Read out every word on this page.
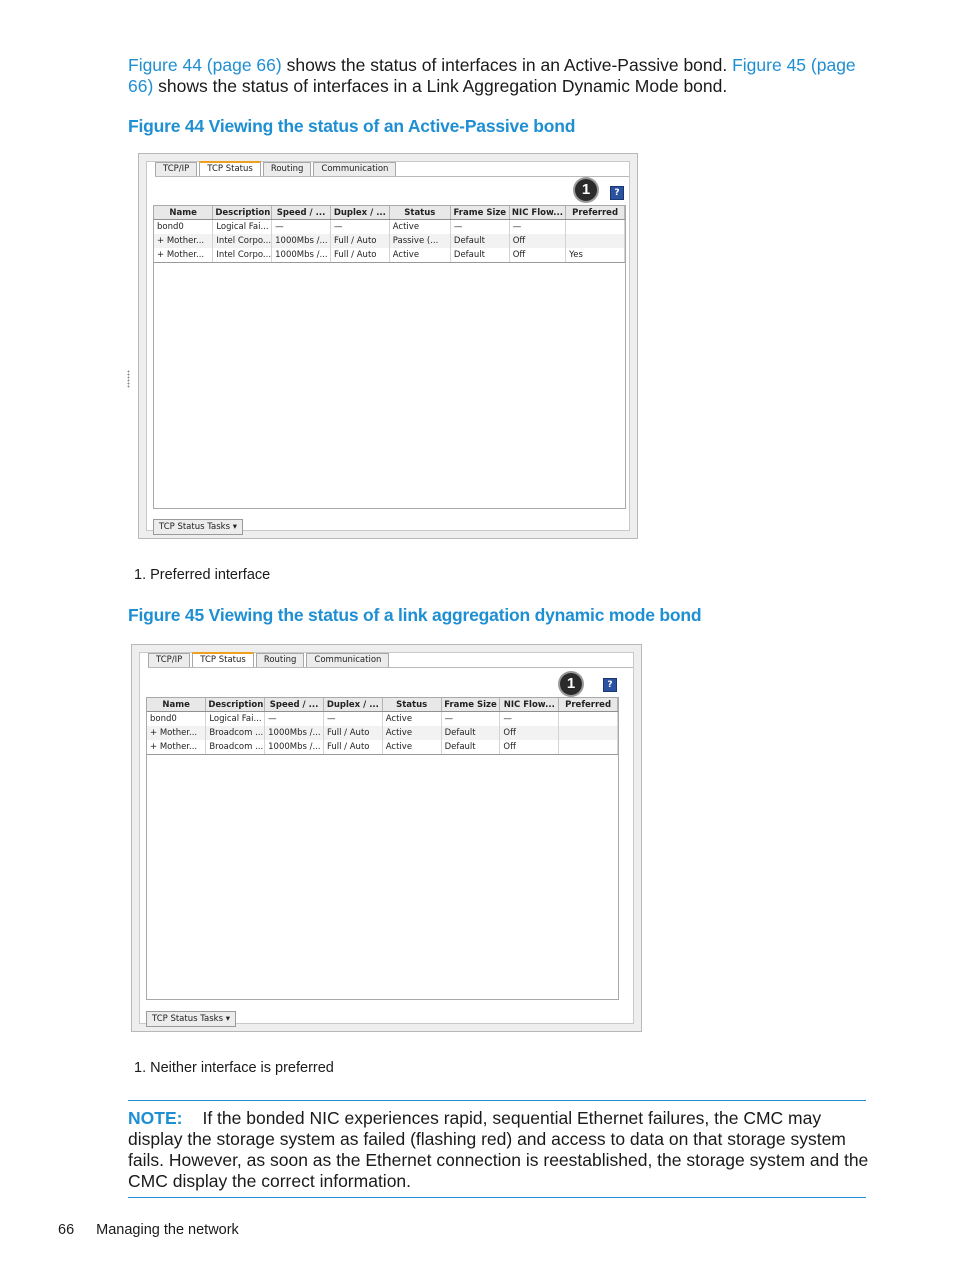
Figure 44 (page 66) shows the status of interfaces in an Active-Passive bond. Figure 45 (page 66) shows the status of interfaces in a Link Aggregation Dynamic Mode bond.

Figure 44 Viewing the status of an Active-Passive bond

TCP/IP	TCP Status	Routing	Communication
1	?
Name	Description	Speed / ...	Duplex / ...	Status	Frame Size	NIC Flow...	Preferred
bond0	Logical Fai...	—	—	Active	—	—	
+ Mother...	Intel Corpo...	1000Mbs /...	Full / Auto	Passive (...	Default	Off	
+ Mother...	Intel Corpo...	1000Mbs /...	Full / Auto	Active	Default	Off	Yes
TCP Status Tasks ▾

1. Preferred interface

Figure 45 Viewing the status of a link aggregation dynamic mode bond

TCP/IP	TCP Status	Routing	Communication
1	?
Name	Description	Speed / ...	Duplex / ...	Status	Frame Size	NIC Flow...	Preferred
bond0	Logical Fai...	—	—	Active	—	—	
+ Mother...	Broadcom ...	1000Mbs /...	Full / Auto	Active	Default	Off	
+ Mother...	Broadcom ...	1000Mbs /...	Full / Auto	Active	Default	Off	
TCP Status Tasks ▾

1. Neither interface is preferred

NOTE: If the bonded NIC experiences rapid, sequential Ethernet failures, the CMC may display the storage system as failed (flashing red) and access to data on that storage system fails. However, as soon as the Ethernet connection is reestablished, the storage system and the CMC display the correct information.

66 Managing the network
